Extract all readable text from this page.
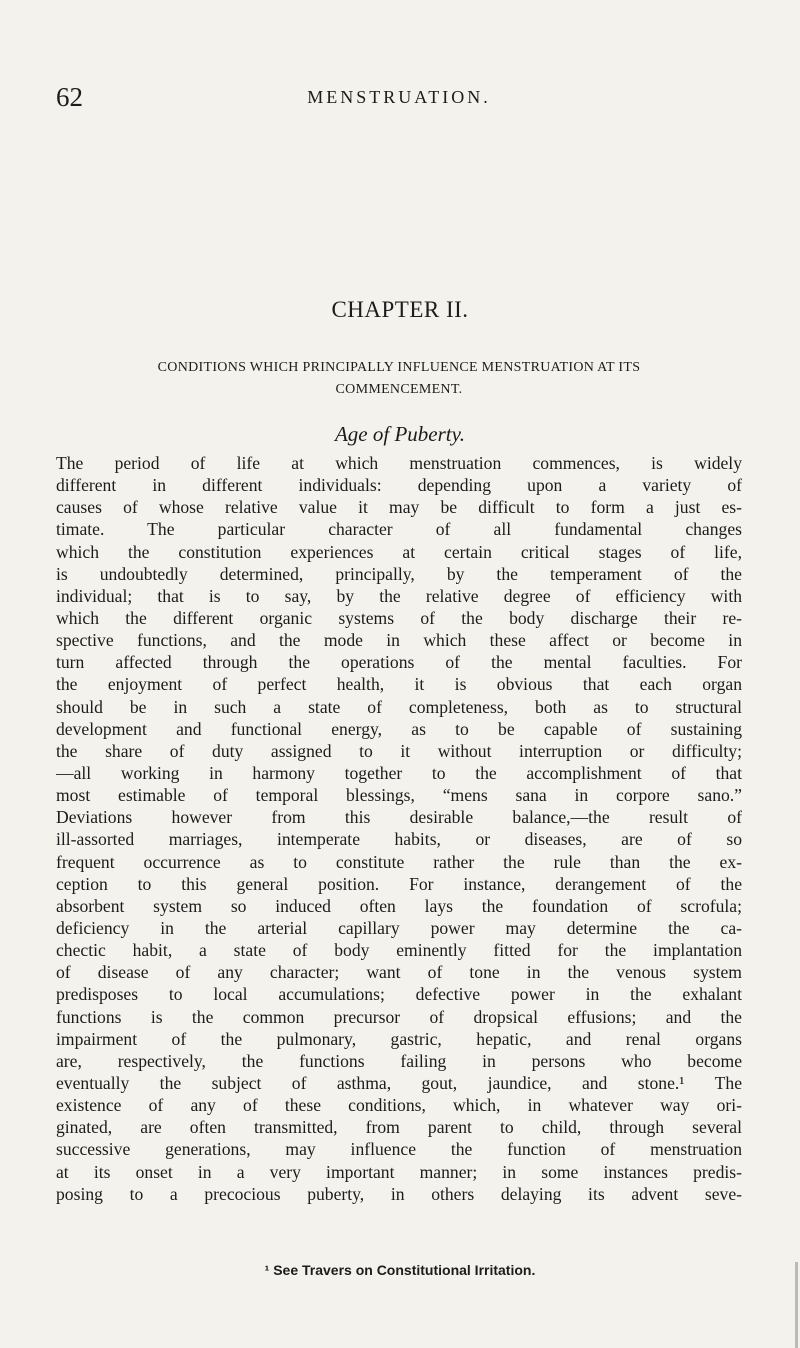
62	MENSTRUATION.
CHAPTER II.
CONDITIONS WHICH PRINCIPALLY INFLUENCE MENSTRUATION AT ITS
COMMENCEMENT.
Age of Puberty.
The period of life at which menstruation commences, is widely
different in different individuals: depending upon a variety of
causes of whose relative value it may be difficult to form a just es-
timate. The particular character of all fundamental changes
which the constitution experiences at certain critical stages of life,
is undoubtedly determined, principally, by the temperament of the
individual; that is to say, by the relative degree of efficiency with
which the different organic systems of the body discharge their re-
spective functions, and the mode in which these affect or become in
turn affected through the operations of the mental faculties. For
the enjoyment of perfect health, it is obvious that each organ
should be in such a state of completeness, both as to structural
development and functional energy, as to be capable of sustaining
the share of duty assigned to it without interruption or difficulty;
—all working in harmony together to the accomplishment of that
most estimable of temporal blessings, “mens sana in corpore sano.”
Deviations however from this desirable balance,—the result of
ill-assorted marriages, intemperate habits, or diseases, are of so
frequent occurrence as to constitute rather the rule than the ex-
ception to this general position. For instance, derangement of the
absorbent system so induced often lays the foundation of scrofula;
deficiency in the arterial capillary power may determine the ca-
chectic habit, a state of body eminently fitted for the implantation
of disease of any character; want of tone in the venous system
predisposes to local accumulations; defective power in the exhalant
functions is the common precursor of dropsical effusions; and the
impairment of the pulmonary, gastric, hepatic, and renal organs
are, respectively, the functions failing in persons who become
eventually the subject of asthma, gout, jaundice, and stone.¹ The
existence of any of these conditions, which, in whatever way ori-
ginated, are often transmitted, from parent to child, through several
successive generations, may influence the function of menstruation
at its onset in a very important manner; in some instances predis-
posing to a precocious puberty, in others delaying its advent seve-
¹ See Travers on Constitutional Irritation.
